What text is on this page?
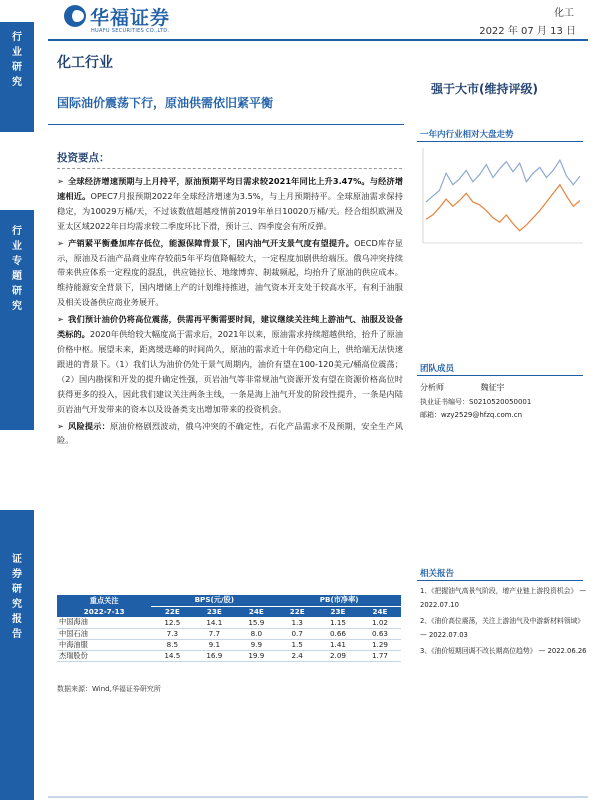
华福证券
HUAFU SECURITIES CO.,LTD.
化工
2022 年 07 月 13 日
行
业
研
究
行
业
专
题
研
究
证
券
研
究
报
告
化工行业
国际油价震荡下行，原油供需依旧紧平衡
强于大市(维持评级)
投资要点：

➢ 全球经济增速预期与上月持平，原油预期平均日需求较2021年同比上升3.47%。与经济增速相近。OPEC7月报预期2022年全球经济增速为3.5%，与上月预期持平。全球原油需求保持稳定，为10029万桶/天，不过该数值超越疫情前2019年单日10020万桶/天。经合组织欧洲及亚太区域2022年日均需求较二季度环比下滑，预计三、四季度会有所反弹。

➢ 产销紧平衡叠加库存低位，能源保障背景下，国内油气开支景气度有望提升。OECD库存显示，原油及石油产品商业库存较前5年平均值降幅较大，一定程度加剧供给端压。俄乌冲突持续带来供应体系一定程度的混乱，供应链拉长、地缘博弈、制裁频起，均抬升了原油的供应成本。维持能源安全背景下，国内增储上产的计划维持推进，油气资本开支处于较高水平，有利于油服及相关设备供应商业务展开。

➢ 我们预计油价仍将高位震荡，供需再平衡需要时间，建议继续关注纯上游油气、油服及设备类标的。2020年供给较大幅度高于需求后，2021年以来，原油需求持续超越供给，抬升了原油价格中枢。展望未来，距离缓迭峰的时间尚久，原油的需求近十年仍稳定向上，供给端无法快速跟进的背景下。（1）我们认为油价仍处于景气周期内，油价有望在100-120美元/桶高位震荡；（2）国内勘探和开发的提升确定性强，页岩油气等非常规油气资源开发有望在资源价格高位时获得更多的投入，因此我们建议关注两条主线，一条是海上油气开发的阶段性提升，一条是内陆页岩油气开发带来的资本以及设备类支出增加带来的投资机会。

➢ 风险提示：原油价格剧烈波动，俄乌冲突的不确定性，石化产品需求不及预期，安全生产风险。

重点关注	BPS(元/股)			PB(市净率)		
2022-7-13	22E	23E	24E	22E	23E	24E
中国海油	12.5	14.1	15.9	1.3	1.15	1.02
中国石油	7.3	7.7	8.0	0.7	0.66	0.63
中海油服	8.5	9.1	9.9	1.5	1.41	1.29
杰瑞股份	14.5	16.9	19.9	2.4	2.09	1.77
数据来源：Wind,华福证券研究所
一年内行业相对大盘走势
团队成员
分析师	魏征宇
执业证书编号：S0210520050001
邮箱：wzy2529@hfzq.com.cn
相关报告
1、《把握油气高景气阶段，增产业链上游投资机会》 — 2022.07.10
2、《油价高位震荡，关注上游油气及中游新材料领域》 — 2022.07.03
3、《油价短期回调不改长期高位趋势》 — 2022.06.26
